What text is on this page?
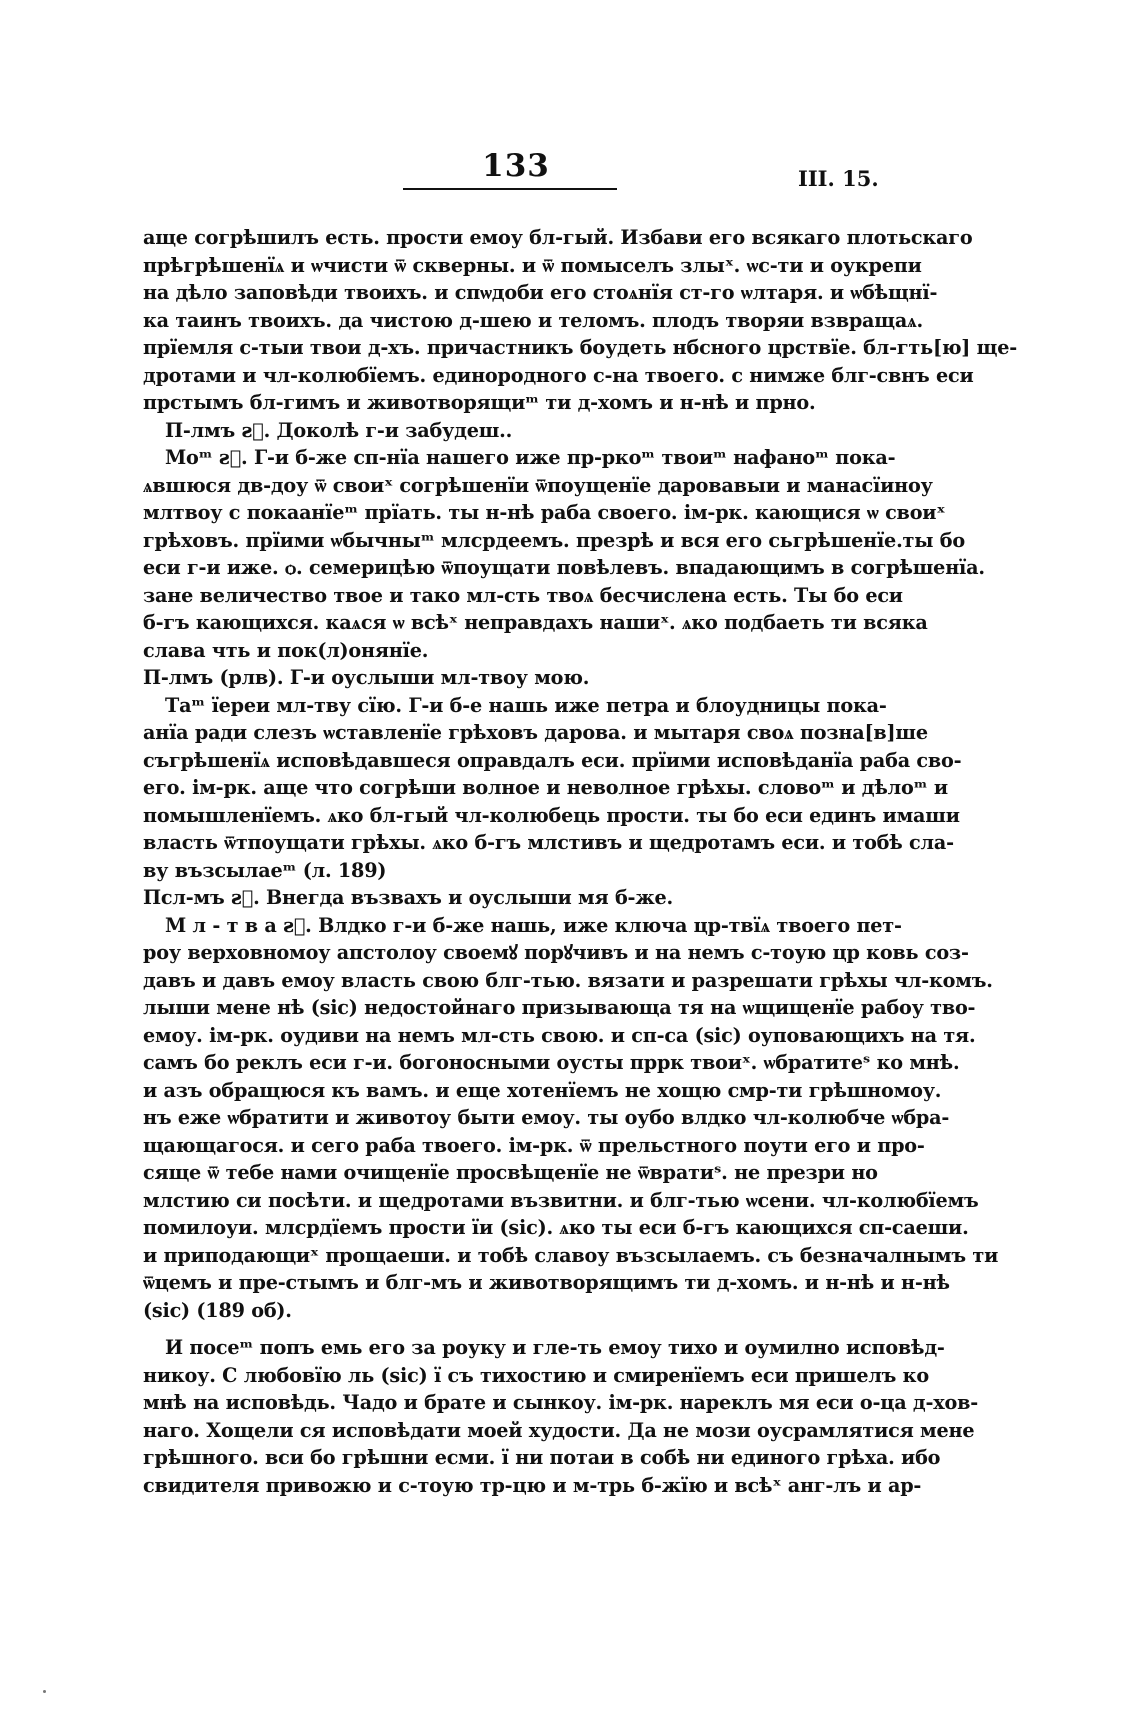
133	III. 15.

аще согрѣшилъ есть. прости емоу бл-гый. Избави его всякаго плотьскаго
прѣгрѣшенїѧ и ѡчисти ѿ скверны. и ѿ помыселъ злыˣ. ѡс-ти и оукрепи
на дѣло заповѣди твоихъ. и спѡдоби его стоѧнїя ст-го ѡлтаря. и ѡбѣщнї-
ка таинъ твоихъ. да чистою д-шею и теломъ. плодъ творяи взвращаѧ.
прїемля с-тыи твои д-хъ. причастникъ боудеть нбсного црствїе. бл-гть[ю] ще-
дротами и чл-колюбїемъ. единородного с-на твоего. с нимже блг-свнъ еси
прстымъ бл-гимъ и животворящиᵐ ти д-хомъ и н-нѣ и прно.

П-лмъ ꙅ҃. Доколѣ г-и забудеш..

Моᵐ ꙅ҃. Г-и б-же сп-нїа нашего иже пр-ркоᵐ твоиᵐ нафаноᵐ пока-
ѧвшюся дв-доу ѿ своиˣ согрѣшенїи ѿпоущенїе даровавыи и манасїиноу
млтвоу с покаанїеᵐ прїать. ты н-нѣ раба своего. ім-рк. кающися ѡ своиˣ
грѣховъ. прїими ѡбычныᵐ млсрдеемъ. презрѣ и вся его сьгрѣшенїе.ты бо
еси г-и иже. ѻ. семерицѣю ѿпоущати повѣлевъ. впадающимъ в согрѣшенїа.
зане величество твое и тако мл-сть твоѧ бесчислена есть. Ты бо еси
б-гъ кающихся. каѧся ѡ всѣˣ неправдахъ нашиˣ. ѧко подбаеть ти всяка
слава чть и пок(л)онянїе.

П-лмъ (рлв). Г-и оуслыши мл-твоу мою.

Таᵐ їереи мл-тву сїю. Г-и б-е нашь иже петра и блоудницы пока-
анїа ради слезъ ѡставленїе грѣховъ дарова. и мытаря своѧ позна[в]ше
съгрѣшенїѧ исповѣдавшеся оправдалъ еси. прїими исповѣданїа раба сво-
его. ім-рк. аще что согрѣши волное и неволное грѣхы. словоᵐ и дѣлоᵐ и
помышленїемъ. ѧко бл-гый чл-колюбець прости. ты бо еси единъ имаши
власть ѿтпоущати грѣхы. ѧко б-гъ млстивъ и щедротамъ еси. и тобѣ сла-
ву възсылаеᵐ (л. 189)

Псл-мъ ꙅ҃. Внегда възвахъ и оуслыши мя б-же.

М л - т в а ꙅ҃. Влдко г-и б-же нашь, иже ключа цр-твїѧ твоего пет-
роу верховномоу апстолоу своемꙋ порꙋчивъ и на немъ с-тоую цр ковь соз-
давъ и давъ емоу власть свою блг-тью. вязати и разрешати грѣхы чл-комъ.
лыши мене нѣ (sic) недостойнаго призывающа тя на ѡщищенїе рабоу тво-
емоу. ім-рк. оудиви на немъ мл-сть свою. и сп-са (sic) оуповающихъ на тя.
самъ бо реклъ еси г-и. богоносными оусты пррк твоиˣ. ѡбратитеˢ ко мнѣ.
и азъ обращюся къ вамъ. и еще хотенїемъ не хощю смр-ти грѣшномоу.
нъ еже ѡбратити и животоу быти емоу. ты оубо влдко чл-колюбче ѡбра-
щающагося. и сего раба твоего. ім-рк. ѿ прельстного поути его и про-
сяще ѿ тебе нами очищенїе просвѣщенїе не ѿвратиˢ. не презри но
млстию си посѣти. и щедротами възвитни. и блг-тью ѡсени. чл-колюбїемъ
помилоуи. млсрдїемъ прости їи (sic). ѧко ты еси б-гъ кающихся сп-саеши.
и приподающиˣ прощаеши. и тобѣ славоу възсылаемъ. съ безначалнымъ ти
ѿцемъ и пре-стымъ и блг-мъ и животворящимъ ти д-хомъ. и н-нѣ и н-нѣ
(sic) (189 об).

И посеᵐ попъ емь его за роуку и гле-ть емоу тихо и оумилно исповѣд-
никоу. С любовїю ль (sic) ї съ тихостию и смиренїемъ еси пришелъ ко
мнѣ на исповѣдь. Чадо и брате и сынкоу. ім-рк. нареклъ мя еси о-ца д-хов-
наго. Хощели ся исповѣдати моей худости. Да не мози оусрамлятися мене
грѣшного. вси бо грѣшни есми. ї ни потаи в собѣ ни единого грѣха. ибо
свидителя привожю и с-тоую тр-цю и м-трь б-жїю и всѣˣ анг-лъ и ар-
